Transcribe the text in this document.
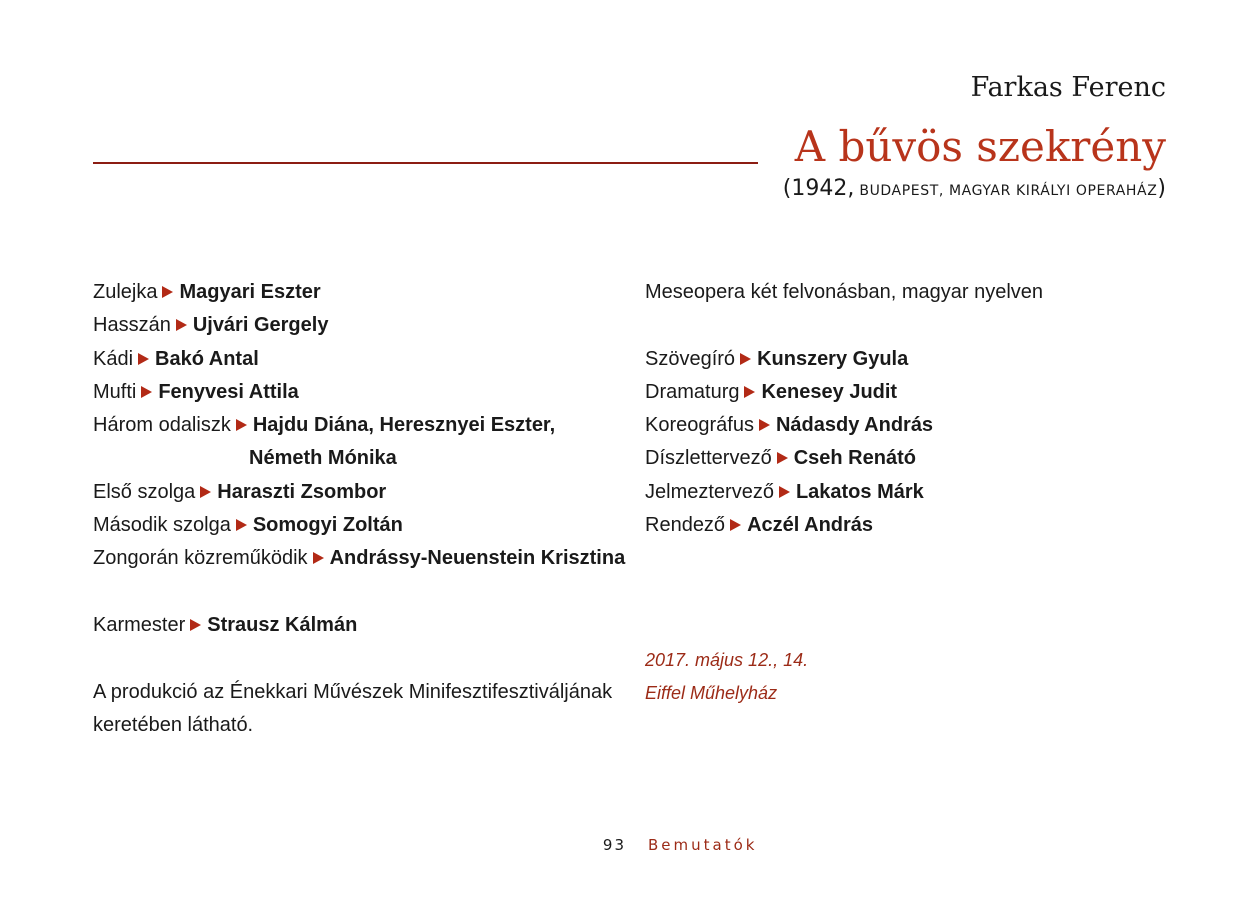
Farkas Ferenc
A bűvös szekrény
(1942, BUDAPEST, MAGYAR KIRÁLYI OPERAHÁZ)
Zulejka Magyari Eszter
Hasszán Ujvári Gergely
Kádi Bakó Antal
Mufti Fenyvesi Attila
Három odaliszk Hajdu Diána, Heresznyei Eszter,
Németh Mónika
Első szolga Haraszti Zsombor
Második szolga Somogyi Zoltán
Zongorán közreműködik Andrássy-Neuenstein Krisztina
Karmester Strausz Kálmán
A produkció az Énekkari Művészek Minifesztifesztiváljának
keretében látható.
Meseopera két felvonásban, magyar nyelven
Szövegíró Kunszery Gyula
Dramaturg Kenesey Judit
Koreográfus Nádasdy András
Díszlettervező Cseh Renátó
Jelmeztervező Lakatos Márk
Rendező Aczél András
2017. május 12., 14.
Eiffel Műhelyház
93 Bemutatók
